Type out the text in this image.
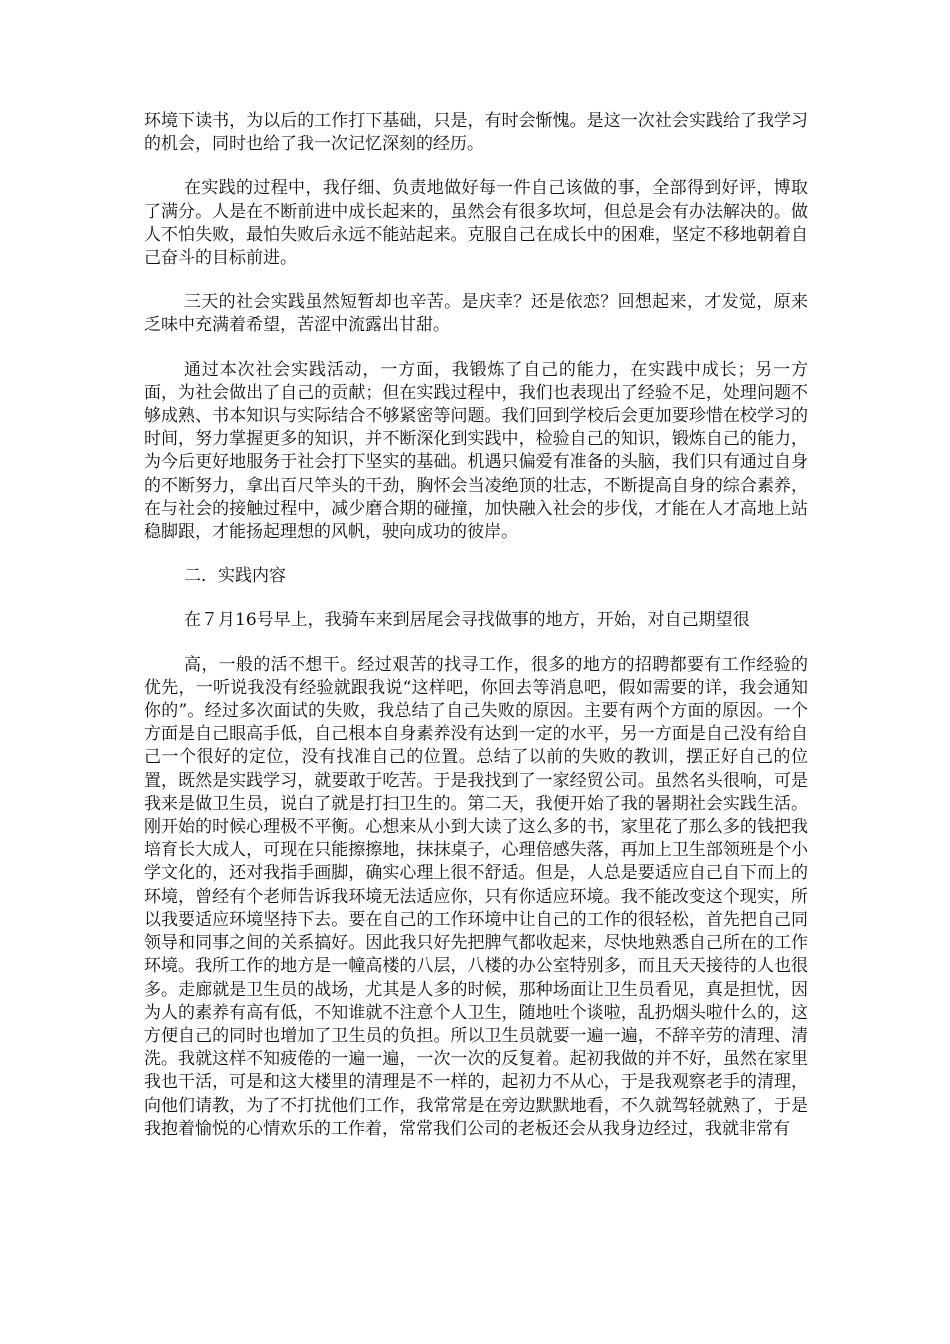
环境下读书，为以后的工作打下基础，只是，有时会惭愧。是这一次社会实践给了我学习的机会，同时也给了我一次记忆深刻的经历。

在实践的过程中，我仔细、负责地做好每一件自己该做的事，全部得到好评，博取了满分。人是在不断前进中成长起来的，虽然会有很多坎坷，但总是会有办法解决的。做人不怕失败，最怕失败后永远不能站起来。克服自己在成长中的困难，坚定不移地朝着自己奋斗的目标前进。

三天的社会实践虽然短暂却也辛苦。是庆幸？还是依恋？回想起来，才发觉，原来乏味中充满着希望，苦涩中流露出甘甜。

通过本次社会实践活动，一方面，我锻炼了自己的能力，在实践中成长；另一方面，为社会做出了自己的贡献；但在实践过程中，我们也表现出了经验不足，处理问题不够成熟、书本知识与实际结合不够紧密等问题。我们回到学校后会更加要珍惜在校学习的时间，努力掌握更多的知识，并不断深化到实践中，检验自己的知识，锻炼自己的能力，为今后更好地服务于社会打下坚实的基础。机遇只偏爱有准备的头脑，我们只有通过自身的不断努力，拿出百尺竿头的干劲，胸怀会当凌绝顶的壮志，不断提高自身的综合素养，在与社会的接触过程中，减少磨合期的碰撞，加快融入社会的步伐，才能在人才高地上站稳脚跟，才能扬起理想的风帆，驶向成功的彼岸。

二．实践内容

在７月16号早上，我骑车来到居尾会寻找做事的地方，开始，对自己期望很

高，一般的活不想干。经过艰苦的找寻工作，很多的地方的招聘都要有工作经验的优先，一听说我没有经验就跟我说“这样吧，你回去等消息吧，假如需要的详，我会通知你的”。经过多次面试的失败，我总结了自己失败的原因。主要有两个方面的原因。一个方面是自己眼高手低，自己根本自身素养没有达到一定的水平，另一方面是自己没有给自己一个很好的定位，没有找准自己的位置。总结了以前的失败的教训，摆正好自己的位置，既然是实践学习，就要敢于吃苦。于是我找到了一家经贸公司。虽然名头很响，可是我来是做卫生员，说白了就是打扫卫生的。第二天，我便开始了我的暑期社会实践生活。刚开始的时候心理极不平衡。心想来从小到大读了这么多的书，家里花了那么多的钱把我培育长大成人，可现在只能擦擦地，抹抹桌子，心理倍感失落，再加上卫生部领班是个小学文化的，还对我指手画脚，确实心理上很不舒适。但是，人总是要适应自己自下而上的环境，曾经有个老师告诉我环境无法适应你，只有你适应环境。我不能改变这个现实，所以我要适应环境坚持下去。要在自己的工作环境中让自己的工作的很轻松，首先把自己同领导和同事之间的关系搞好。因此我只好先把脾气都收起来，尽快地熟悉自己所在的工作环境。我所工作的地方是一幢高楼的八层，八楼的办公室特别多，而且天天接待的人也很多。走廊就是卫生员的战场，尤其是人多的时候，那种场面让卫生员看见，真是担忧，因为人的素养有高有低，不知谁就不注意个人卫生，随地吐个谈啦，乱扔烟头啦什么的，这方便自己的同时也增加了卫生员的负担。所以卫生员就要一遍一遍，不辞辛劳的清理、清洗。我就这样不知疲倦的一遍一遍，一次一次的反复着。起初我做的并不好，虽然在家里我也干活，可是和这大楼里的清理是不一样的，起初力不从心，于是我观察老手的清理，向他们请教，为了不打扰他们工作，我常常是在旁边默默地看，不久就驾轻就熟了，于是我抱着愉悦的心情欢乐的工作着，常常我们公司的老板还会从我身边经过，我就非常有
